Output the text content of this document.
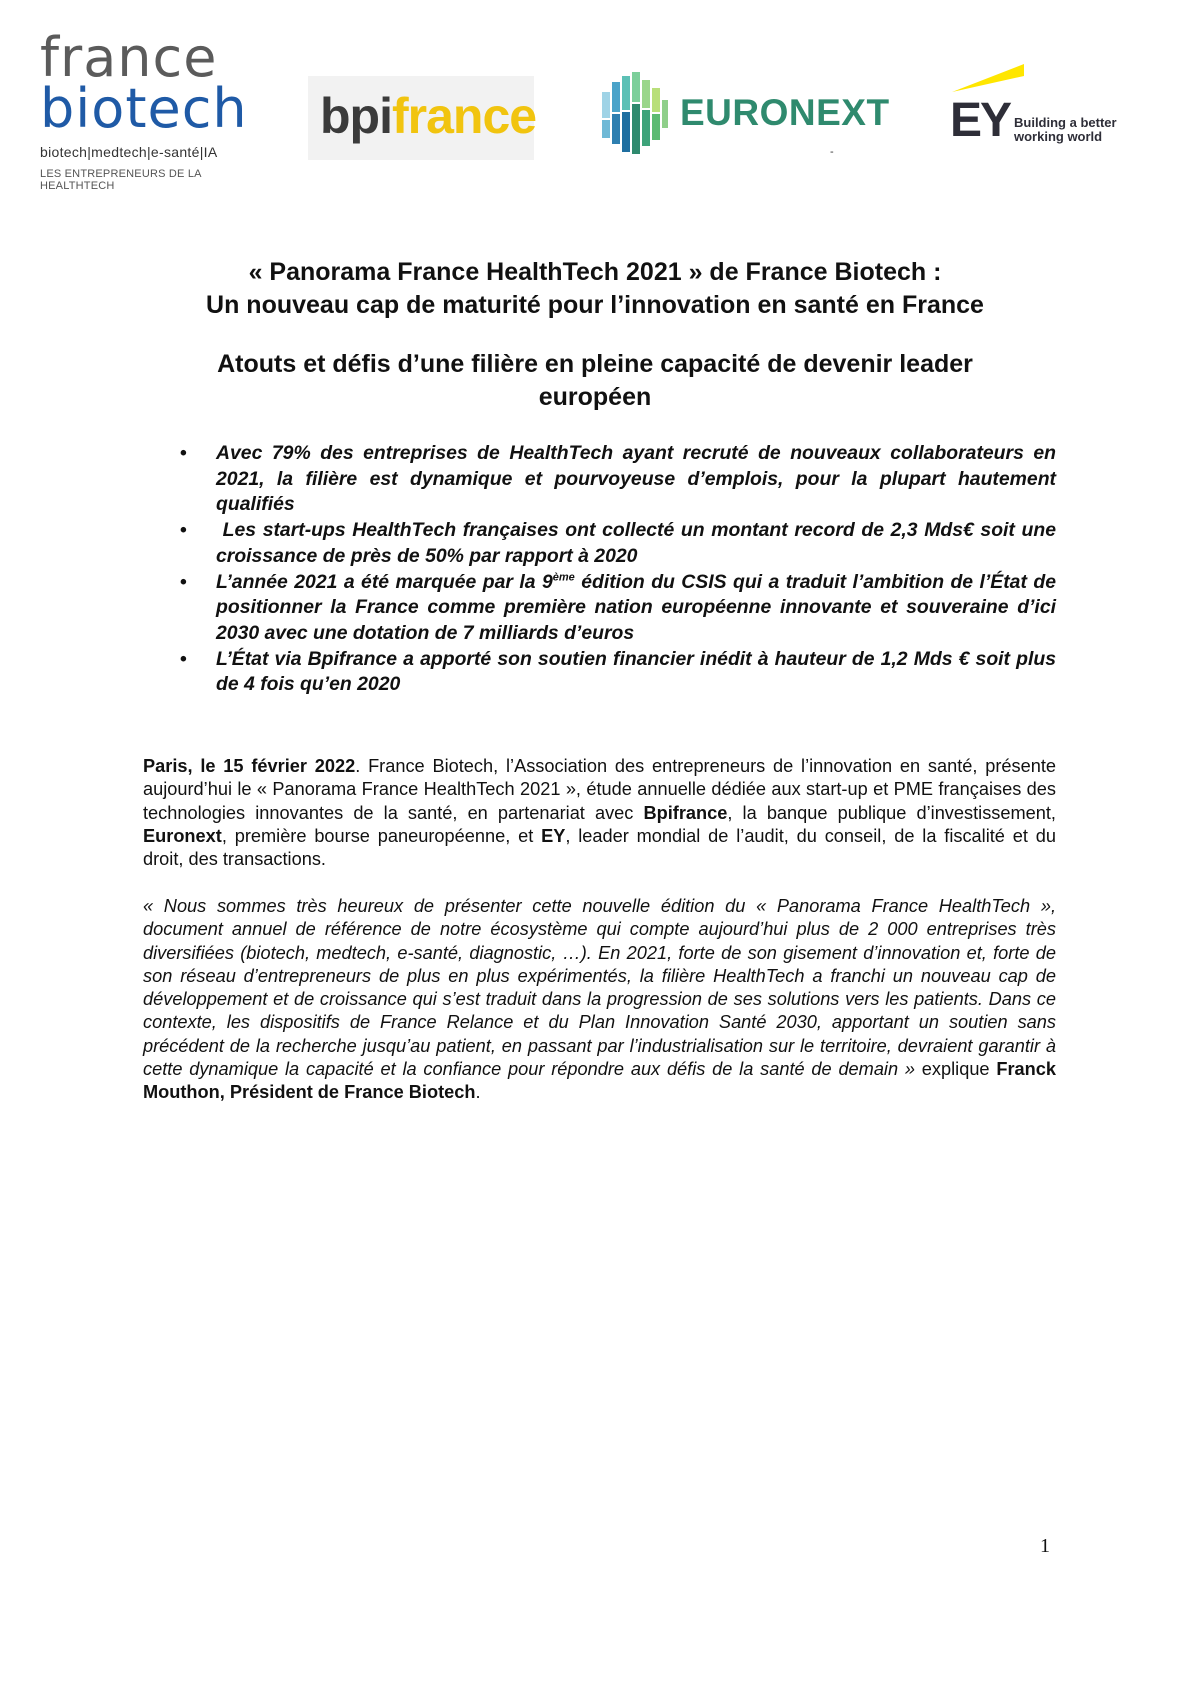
france
biotech
biotech|medtech|e-santé|IA
LES ENTREPRENEURS DE LA HEALTHTECH
bpifrance	EURONEXT
-
EY Building a better
working world
« Panorama France HealthTech 2021 » de France Biotech :
Un nouveau cap de maturité pour l’innovation en santé en France
Atouts et défis d’une filière en pleine capacité de devenir leader
européen
• Avec 79% des entreprises de HealthTech ayant recruté de nouveaux collaborateurs en 2021, la filière est dynamique et pourvoyeuse d’emplois, pour la plupart hautement qualifiés
• Les start-ups HealthTech françaises ont collecté un montant record de 2,3 Mds€ soit une croissance de près de 50% par rapport à 2020
• L’année 2021 a été marquée par la 9ème édition du CSIS qui a traduit l’ambition de l’État de positionner la France comme première nation européenne innovante et souveraine d’ici 2030 avec une dotation de 7 milliards d’euros
• L’État via Bpifrance a apporté son soutien financier inédit à hauteur de 1,2 Mds € soit plus de 4 fois qu’en 2020
Paris, le 15 février 2022. France Biotech, l’Association des entrepreneurs de l’innovation en santé, présente aujourd’hui le « Panorama France HealthTech 2021 », étude annuelle dédiée aux start-up et PME françaises des technologies innovantes de la santé, en partenariat avec Bpifrance, la banque publique d’investissement, Euronext, première bourse paneuropéenne, et EY, leader mondial de l’audit, du conseil, de la fiscalité et du droit, des transactions.
« Nous sommes très heureux de présenter cette nouvelle édition du « Panorama France HealthTech », document annuel de référence de notre écosystème qui compte aujourd’hui plus de 2 000 entreprises très diversifiées (biotech, medtech, e-santé, diagnostic, …). En 2021, forte de son gisement d’innovation et, forte de son réseau d’entrepreneurs de plus en plus expérimentés, la filière HealthTech a franchi un nouveau cap de développement et de croissance qui s’est traduit dans la progression de ses solutions vers les patients. Dans ce contexte, les dispositifs de France Relance et du Plan Innovation Santé 2030, apportant un soutien sans précédent de la recherche jusqu’au patient, en passant par l’industrialisation sur le territoire, devraient garantir à cette dynamique la capacité et la confiance pour répondre aux défis de la santé de demain » explique Franck Mouthon, Président de France Biotech.
1
